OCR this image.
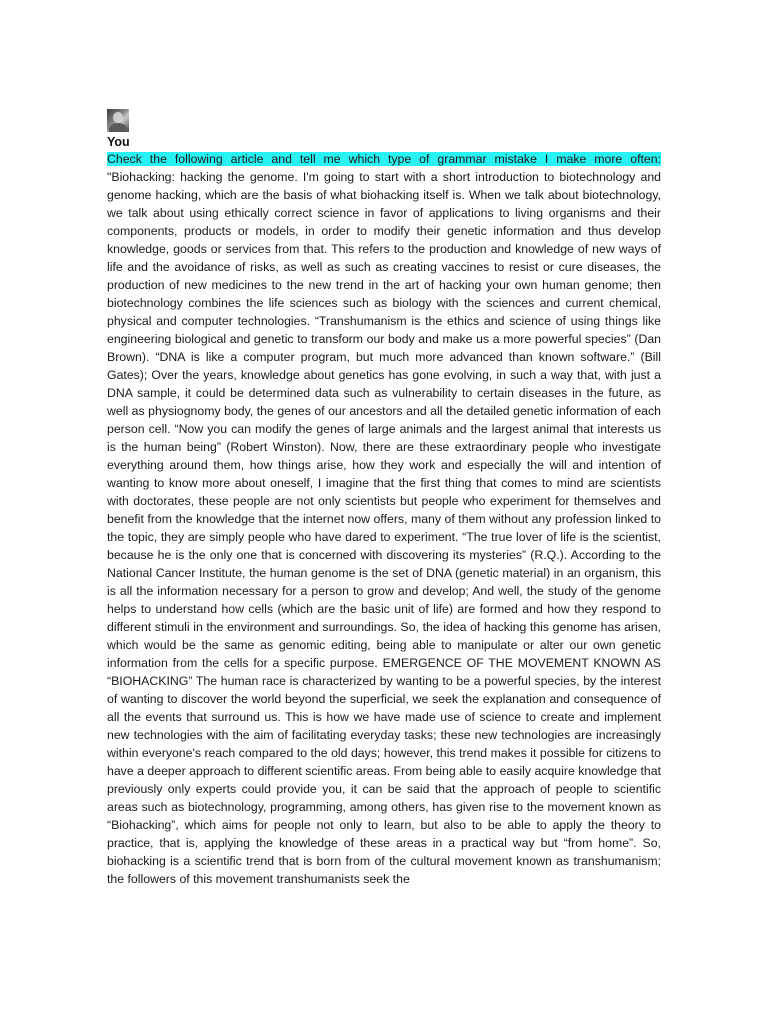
You

Check the following article and tell me which type of grammar mistake I make more often: "Biohacking: hacking the genome. I'm going to start with a short introduction to biotechnology and genome hacking, which are the basis of what biohacking itself is. When we talk about biotechnology, we talk about using ethically correct science in favor of applications to living organisms and their components, products or models, in order to modify their genetic information and thus develop knowledge, goods or services from that. This refers to the production and knowledge of new ways of life and the avoidance of risks, as well as such as creating vaccines to resist or cure diseases, the production of new medicines to the new trend in the art of hacking your own human genome; then biotechnology combines the life sciences such as biology with the sciences and current chemical, physical and computer technologies. “Transhumanism is the ethics and science of using things like engineering biological and genetic to transform our body and make us a more powerful species” (Dan Brown). “DNA is like a computer program, but much more advanced than known software.” (Bill Gates); Over the years, knowledge about genetics has gone evolving, in such a way that, with just a DNA sample, it could be determined data such as vulnerability to certain diseases in the future, as well as physiognomy body, the genes of our ancestors and all the detailed genetic information of each person cell. “Now you can modify the genes of large animals and the largest animal that interests us is the human being” (Robert Winston). Now, there are these extraordinary people who investigate everything around them, how things arise, how they work and especially the will and intention of wanting to know more about oneself, I imagine that the first thing that comes to mind are scientists with doctorates, these people are not only scientists but people who experiment for themselves and benefit from the knowledge that the internet now offers, many of them without any profession linked to the topic, they are simply people who have dared to experiment. “The true lover of life is the scientist, because he is the only one that is concerned with discovering its mysteries” (R.Q.). According to the National Cancer Institute, the human genome is the set of DNA (genetic material) in an organism, this is all the information necessary for a person to grow and develop; And well, the study of the genome helps to understand how cells (which are the basic unit of life) are formed and how they respond to different stimuli in the environment and surroundings. So, the idea of hacking this genome has arisen, which would be the same as genomic editing, being able to manipulate or alter our own genetic information from the cells for a specific purpose. EMERGENCE OF THE MOVEMENT KNOWN AS “BIOHACKING” The human race is characterized by wanting to be a powerful species, by the interest of wanting to discover the world beyond the superficial, we seek the explanation and consequence of all the events that surround us. This is how we have made use of science to create and implement new technologies with the aim of facilitating everyday tasks; these new technologies are increasingly within everyone's reach compared to the old days; however, this trend makes it possible for citizens to have a deeper approach to different scientific areas. From being able to easily acquire knowledge that previously only experts could provide you, it can be said that the approach of people to scientific areas such as biotechnology, programming, among others, has given rise to the movement known as “Biohacking”, which aims for people not only to learn, but also to be able to apply the theory to practice, that is, applying the knowledge of these areas in a practical way but “from home”. So, biohacking is a scientific trend that is born from of the cultural movement known as transhumanism; the followers of this movement transhumanists seek the
